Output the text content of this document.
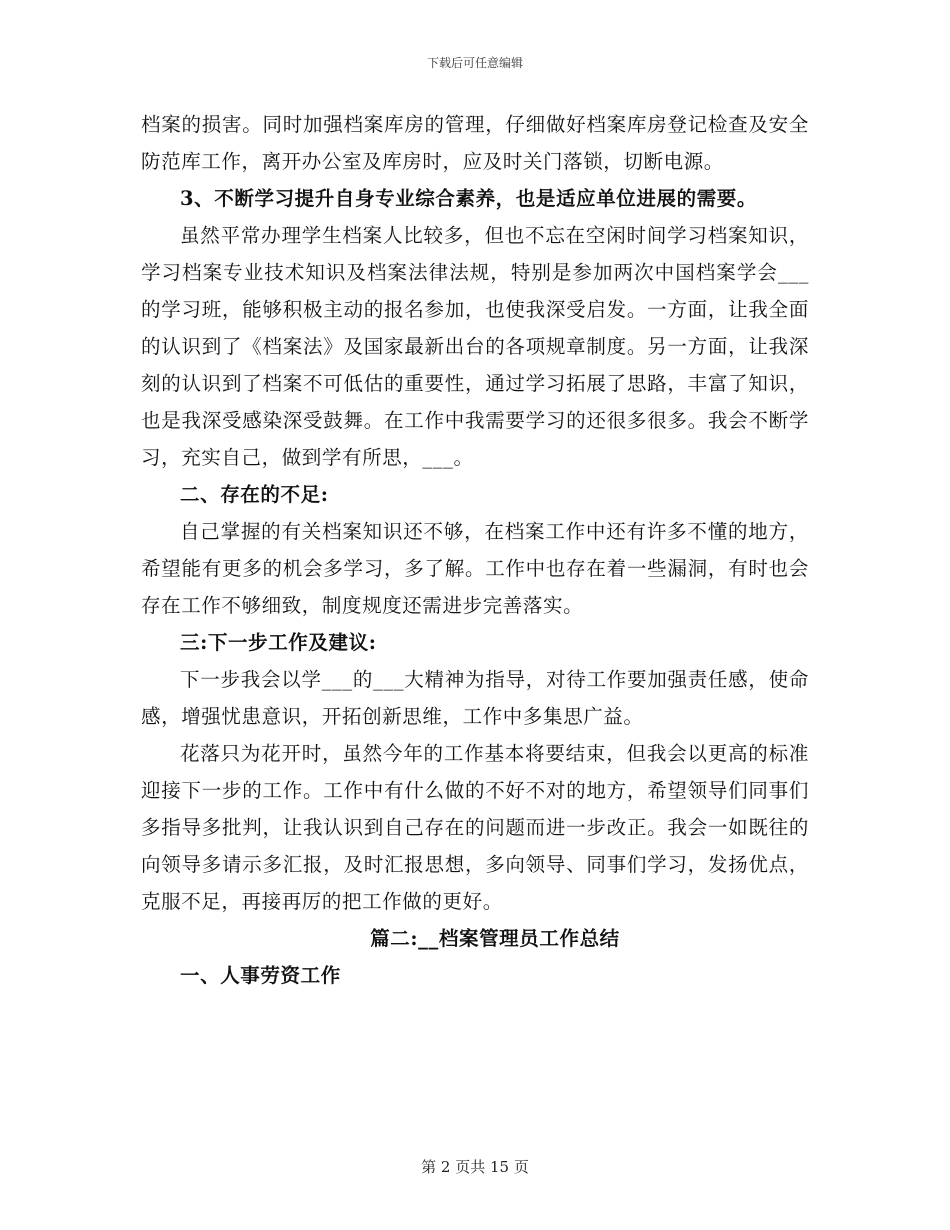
下载后可任意编辑

档案的损害。同时加强档案库房的管理，仔细做好档案库房登记检查及安全防范库工作，离开办公室及库房时，应及时关门落锁，切断电源。

3、不断学习提升自身专业综合素养，也是适应单位进展的需要。

虽然平常办理学生档案人比较多，但也不忘在空闲时间学习档案知识，学习档案专业技术知识及档案法律法规，特别是参加两次中国档案学会___的学习班，能够积极主动的报名参加，也使我深受启发。一方面，让我全面的认识到了《档案法》及国家最新出台的各项规章制度。另一方面，让我深刻的认识到了档案不可低估的重要性，通过学习拓展了思路，丰富了知识，也是我深受感染深受鼓舞。在工作中我需要学习的还很多很多。我会不断学习，充实自己，做到学有所思，___。

二、存在的不足:

自己掌握的有关档案知识还不够，在档案工作中还有许多不懂的地方，希望能有更多的机会多学习，多了解。工作中也存在着一些漏洞，有时也会存在工作不够细致，制度规度还需进步完善落实。

三:下一步工作及建议:

下一步我会以学___的___大精神为指导，对待工作要加强责任感，使命感，增强忧患意识，开拓创新思维，工作中多集思广益。

花落只为花开时，虽然今年的工作基本将要结束，但我会以更高的标准迎接下一步的工作。工作中有什么做的不好不对的地方，希望领导们同事们多指导多批判，让我认识到自己存在的问题而进一步改正。我会一如既往的向领导多请示多汇报，及时汇报思想，多向领导、同事们学习，发扬优点，克服不足，再接再厉的把工作做的更好。

篇二:__档案管理员工作总结

一、人事劳资工作

第 2 页共 15 页
